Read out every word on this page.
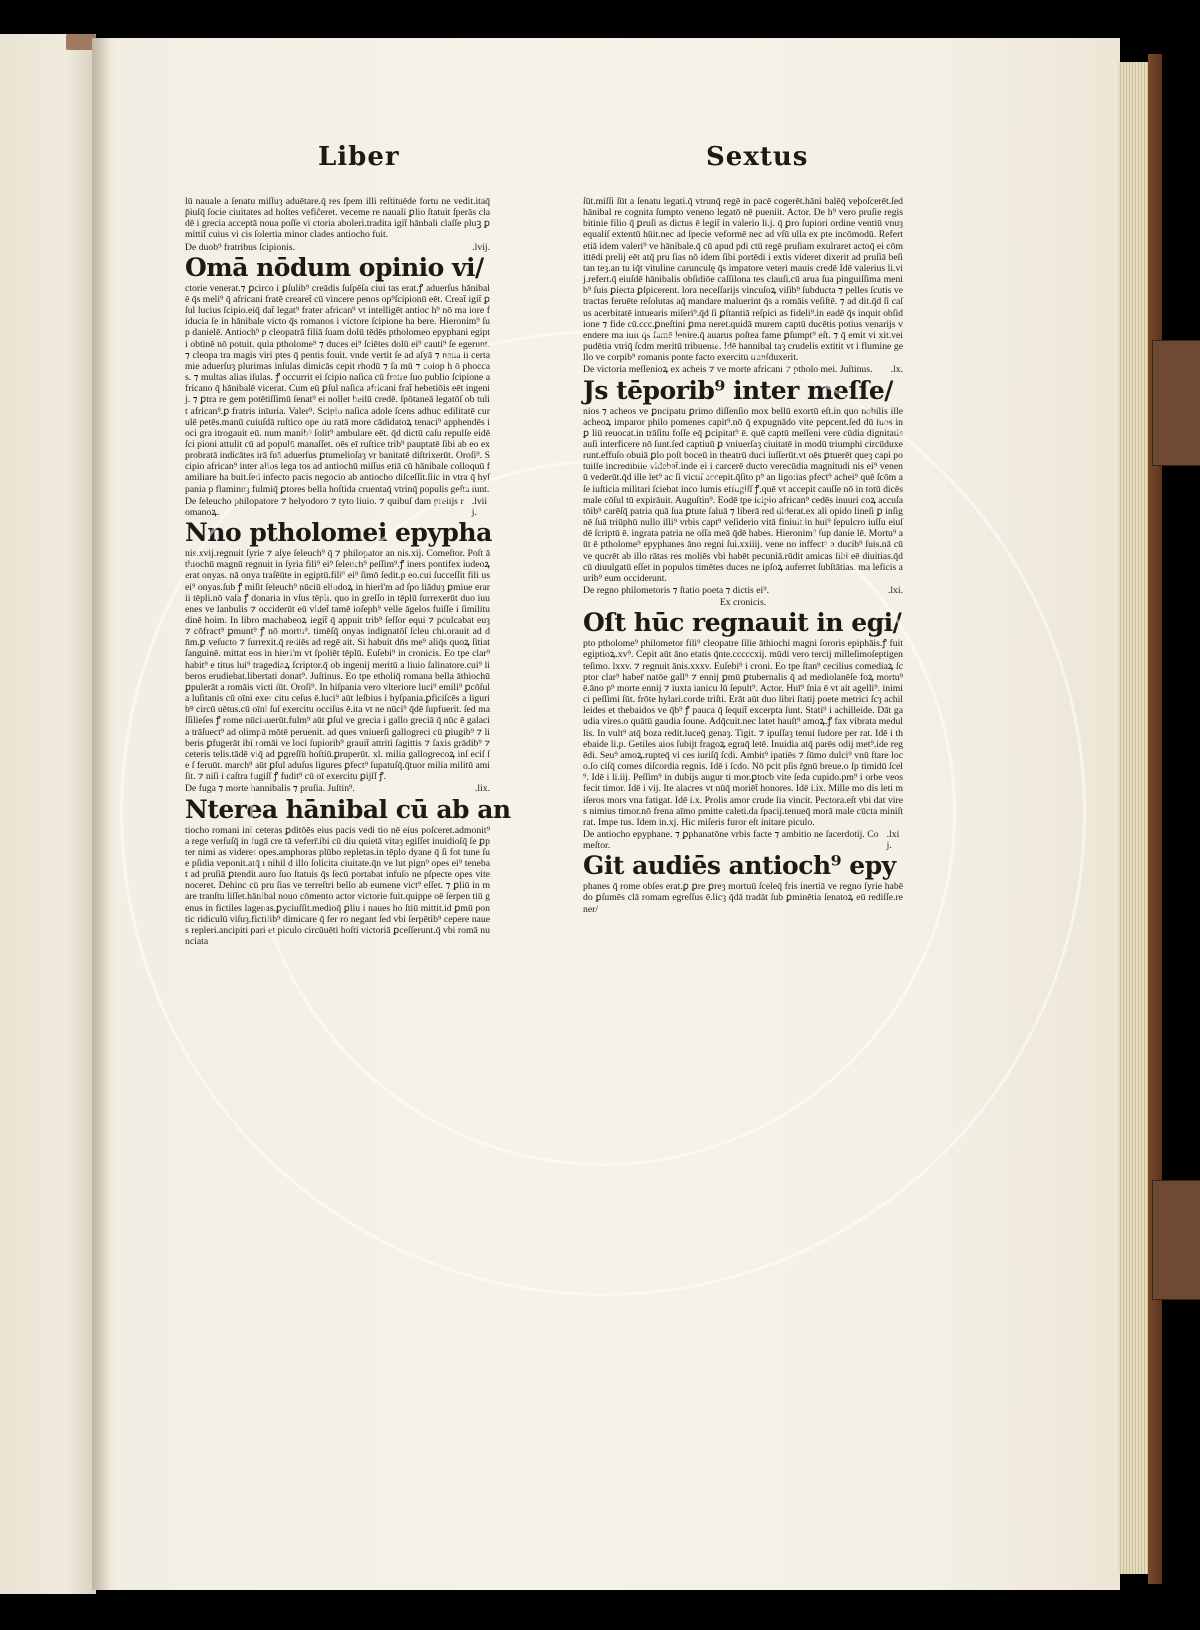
Liber	Sextus

lū nauale a ſenatu miſſuȝ aduētare.q̄ res ſpem illi reſtituēde fortu ne vedit.itaq̄ p̄iuſq̄ ſocie ciuitates ad hoſtes vefiĉeret. veceme re nauali ꝑlio ſtatuit ſperās cladē i grecia acceptā noua poſſe vi ctoria aboleri.tradita igit̄ hānbali claſſe pluꝫ ꝑmittit̄ cuius vi cis ſolertia minor clades antiocho fuit.

De duob⁹ fratribus ſcipionis.	.lvij.

Omā nōdum opinio vi/

ctorie venerat.⁊ ꝑcirco i ꝑſulib⁹ creādis ſuſpēſa ciui tas erat.ꝭ aduerſus hānibalē q̄s meli⁹ q̄ africani fratē crearet̄ cū vincere penos op⁹ſcipionū eēt. Creat̄ igit̄ ꝑſul lucius ſcipio.eiq̄ dat̄ legat⁹ frater african⁹ vt intelligēt antioc h⁹ nō ma iore fiducia ſe in hānibale victo q̄s romanos i victore ſcipione ha bere. Hieronim⁹ ſup danielē. Antioch⁹ p cleopatrā filiā ſuam dolū tēdēs ptholomeo epyphani egipti obtinē nō potuit. quia ptholome⁹ ⁊ duces ei⁹ ſciētes dolū ei⁹ cauti⁹ ſe egerunt. ⁊ cleopa tra magis viri ptes q̄ pentis fouit. vnde vertit ſe ad aſyā ⁊ naua li certamie aduerſuȝ plurimas inſulas dimicās cepit rhodū ⁊ ſa mū ⁊ colop h ō phoccas. ⁊ multas alias iſulas. ꝭ occurrit ei ſcipio naſica cū fratre ſuo publio ſcipione africano q̄ hānibalē vicerat. Cum eū ꝑſul naſica africani frat̄ hebetiōis eēt ingenij. ⁊ ꝑtra re gem potētiſſimū ſenat⁹ ei nollet bellū credē. ſpōtaneā legatōſ ob tulit african⁹.ꝑ fratris inīuria. Valer⁹. Scipio naſica adole ſcens adhuc edilitatē curulē petēs.manū cuiuſdā ruſtico ope du ratā more cādidatoꝝ tenaci⁹ apphendēs ioci gra itrogauit eū. num manib⁹ ſolit⁹ ambulare eēt. q̄d dictū caſu repulſe eidē ſci pioni attulit cū ad populū manaſſet. oēs eī ruſtice trib⁹ pauptatē ſibi ab eo exprobratā indicātes irā ſuā aduerſus ꝑtumelioſaȝ vr banitatē diſtrixerūt. Oroſi⁹. Scipio african⁹ inter alios lega tos ad antiochū miſſus etiā cū hānibale colloquū familiare ha buit.ſed infecto pacis negocio ab antiocho diſceſſit.ſiic in vtra q̄ hyſpania p flaminuȝ fulmiq̄ ꝑtores bella hoſtida cruentaq̄ vtrinq̄ populis geſta ſunt.

De ſeleucho philopatore ⁊ helyodoro ⁊ tyto liuio. ⁊ quibuſ dam prelijs romanoꝝ.
.lviij.

Nno ptholomei epypha

nis.xvij.regnuit ſyrie ⁊ aſye ſeleuch⁹ q̄ ⁊ philopator an nis.xij. Comeſtor. Poſt āthiochū magnū regnuit in ſyria fili⁹ ei⁹ ſeleuch⁹ peſſim⁹.ꝭ iners pontifex iudeoꝝ erat onyas. nā onya traſēūte in egiptū.fili⁹ ei⁹ ſimō ſedit.p eo.cui ſucceſſit fili us ei⁹ onyas.ſub ꝭ miſit ſeleuch⁹ nūciū eliodoꝝ in hierl'm ad ſpo liāduȝ ꝑmiue erarii tēpli.nō vaſa ꝭ donaria in vſus tēpli. quo in greſſo in tēplū ſurrexerūt duo iuuenes ve lanbulis ⁊ occiderūt eū videt̄ tamē ioſeph⁹ velle āgelos fuiſſe i ſimilitudinē hoim. In libro machabeoꝝ legit̄ q̄ appuit trib⁹ ſeſſor equi ⁊ pculcabat euȝ ⁊ cōfract⁹ ꝑmunt⁹ ꝭ nō mortu⁹. timēſq̄ onyas indignatōſ ſcleu chi.orauit ad dn̄m.ꝑ veſucto ⁊ ſurrexit.q̄ rediēs ad regē ait. Si habuit dn̄s me⁹ aliq̄s quoꝝ ſitiat ſanguinē. mittat eos in hierl'm vt ſpoliēt tēplū. Euſebi⁹ in cronicis. Eo tpe clar⁹ habit⁹ e titus lui⁹ tragediaꝝ ſcriptor.q̄ ob ingenij meritū a liuio ſalinatore.cui⁹ liberos erudiebat.libertati donat⁹. Juſtinus. Eo tpe etholiq̄ romana bella āthiochū ꝑpulerāt a romāis victi ſūt. Oroſi⁹. In hiſpania vero vlteriore luci⁹ emili⁹ ꝑcōſul a luſitanis cū oīni exer citu ceſus ē.luci⁹ aūt leſbius i hyſpania.ꝑficiſcēs a liguribꝰ circū uētus.cū oīni ſuſ exercitu occiſus ē.ita vt ne nūci⁹ q̄dē ſupfuerit. ſed maſſilieſes ꝭ rome nūciauerūt.fulm⁹ aūt ꝑſul ve grecia i gallo greciā q̄ nūc ē galacia trāſuect⁹ ad olimpū mōtē peruenit. ad ques vniuerſi gallogreci cū ꝑiugib⁹ ⁊ liberis ꝑfugerāt ibi romāi ve loci ſupiorib⁹ grauit̄ attriti ſagittis ⁊ ſaxis grādib⁹ ⁊ ceteris telis.tādē viq̄ ad ꝑgreſſū hoſtiū.ꝑruperūt. xl. milia gallogrecoꝝ inſ eciſ ſe ſ feruūt. march⁹ aūt ꝑſul aduſus ligures ꝑfect⁹ ſupatuſq̄.q̄tuor milia militū amiſit. ⁊ niſi i caſtra fugiſſ ꝭ fudit⁹ cū oī exercitu ꝑijſſ ꝭ.

De fuga ⁊ morte hannibalis ⁊ pruſia. Juſtin⁹.	.lix.

Nterea hānibal cū ab an

tiocho romani int̄ ceteras ꝑditōēs eius pacis vedi tio nē eius poſceret.admonit⁹ a rege verſuſq̄ in fugā cre tā veferr̄.ibi cū diu quietā vitaȝ egiſſet inuidioſq̄ ſe ꝑpter nimi as videret opes.amphoras plūbo repletas.in tēplo dyane q̄ ſi fot tune ſue pſidia veponit.atq̄ ı nihil d illo ſolicita ciuitate.q̄n ve lut pign⁹ opes ei⁹ tenebat ad pruſiā ꝑtendit.auro ſuo ſtatuis q̄s ſecū portabat infuſo ne pſpecte opes vite noceret. Dehinc cū pru ſias ve terreſtri bello ab eumene vict⁹ eſſet. ⁊ ꝑliū in mare tranſtu liſſet.hānibal nouo cōmento actor victorie fuit.quippe oē ſerpen tiū genus in fictiles lagenas.ꝑyciuſſit.medioq̄ ꝑliu i naues ho ſtiū mittit.id ꝑmū pontic ridiculū viſuȝ.fictilib⁹ dimicare q̄ fer ro negant ſed vbi ſerpētib⁹ cepere naues repleri.ancipiti pari et piculo circūuēti hoſti victoriā ꝑceſſerunt.q̄ vbi romā nunciata

ſūt.miſſi ſūt a ſenatu legati.q̄ vtrunq̄ regē in pacē cogerēt.hāni balēq̄ veþoſcerēt.ſed hānibal re cognita ſumpto veneno legatō nē pueniit. Actor. De h⁹ vero pruſie regis bitinie filio q̄ ꝑruſi as dictus ē legit̄ in valerio li.j. q̄ ꝑro ſupiori ordine ventiū vnuȝ equaliſ extentū hūit.nec ad ſpecie veformē nec ad vſū ulla ex pte incōmodū. Refert etiā idem valeri⁹ ve hānibale.q̄ cū apud pdi ctū regē pruſiam exulraret actoq̄ ei cōmittēdi prelij eēt atq̄ pru ſias nō idem ſibi portēdi i extis videret dixerit ad pruſiā beſitan teȝ.an tu iq̄t vituline carunculę q̄s impatore veteri mauis credē Idē valerius li.vij.refert.q̄ eiuſdē hānibalis obſidiōe caſſilona tes clauſi.cū arua ſua pinguiſſima menib⁹ ſuis ꝑiecta ꝑſpicerent. lora neceſſarijs vincuſoꝝ viſib⁹ ſubducta ⁊ pelles ſcutis vetractas feruēte reſolutas aq̄ mandare maluerint q̄s a romāis veſiſtē. ⁊ ad dit.q̄d ſi caſus acerbitatē intuearis miſeri⁹.q̄d ſi ꝑſtantiā reſpici as fideli⁹.in eadē q̄s inquit obſidione ⁊ fide cū.ccc.ꝑneſtini ꝑma neret.quidā murem captū ducētis potius venarijs vendere ma luit q̄s famē lenire.q̄ auarus poſtea fame ꝑſumpt⁹ eſt. ⁊ q̄ emit vi xit.vei pudētia vtriq̄ ſcdm meritū tribuente. Idē hannibal taȝ crudelis extitit vt i flumine gello ve corpib⁹ romanis ponte facto exercitū tranſduxerit.

De victoria meſſenioꝝ ex acheis ⁊ ve morte africani ⁊ ptholo mei. Juſtinus.	.lx.

Js tēporib⁹ inter meſſe/

nios ⁊ acheos ve ꝑncipatu ꝑrimo diſſenſio mox bellū exortū eſt.in quo nobilis ille acheoꝝ imparor philo pomenes capit⁹.nō q̄ expugnādo vite pepcent.ſed dū ſuos in ꝑ liū reuocat.in trāſitu foſſe eq̄ ꝑcipitat⁹ ē. quē captū meſſeni vere cūdia dignitatis auſi interficere nō ſunt.ſed captiuū ꝑ vniuerſaȝ ciuitatē in modū triumphi circūduxerunt.effuſo obuiā ꝑlo poſt boceū in theatrū duci iuſſerūt.vt oēs ꝑtuerēt queȝ capi potuiſſe incredibile videbat̄.inde ei i carcerē ducto verecūdia magnitudi nis ei⁹ venenū vederūt.q̄d ille let⁹ ac ſi victiſ accepit.q̄ſito p⁹ an ligo:ias pfect⁹ achei⁹ quē ſcōm a ſe iuſticia militari ſciebat inco lumis effugiſſ ꝭ.quē vt accepit cauſſe nō in totū dicēs male cōſul tū expirāuit. Auguſtin⁹. Eodē tpe ſcipio african⁹ cedēs inuuri coꝝ accuſatōib⁹ carēſq̄ patria quā ſua ꝑtute ſaluā ⁊ liberā red diderat.ex ali opido lineſi ꝑ inſignē ſuā triūphū nullo illi⁹ vrbis capt⁹ veſiderio vitā finiuit.in hui⁹ ſepulcro iuſſu eiuſdē ſcriptū ē. ingrata patria ne oſſa meā q̄dē habes. Hieronim⁹ ſup danie lē. Mortu⁹ aūt ē ptholome⁹ epyphanes āno regni ſui.xxiiij. vene no inffect⁹ a ducib⁹ ſuis.nā cū ve qucrēt ab illo rātas res moliēs vbi habēt pecuniā.rūdit amicas ſibi eē diuitias.q̄d cū diuulgatū eſſet in populos timētes duces ne ipſoꝝ auferret ſubſtātias. ma leficis aurib⁹ eum occiderunt.

De regno philometoris ⁊ ſtatio poeta ⁊ dictis ei⁹.	.lxi.

Ex cronicis.

Oſt hūc regnauit in egi/

pto ptholome⁹ philometor fili⁹ cleopatre ſilie āthiochi magni ſororis epiphāis.ꝭ fuit egiptioꝝ.xv⁹. Cepit aūt āno etatis q̄nte.cccccxij. mūdi vero tercij milleſimoſeptigenteſimo. lxxv. ⁊ regnuit ānis.xxxv. Euſebi⁹ i croni. Eo tpe ſtan⁹ cecilius comediaꝝ ſcptor clar⁹ haber̄ natōe gall⁹ ⁊ ennij ꝑmū ꝑtubernalis q̄ ad mediolanēſe foꝝ mortu⁹ ē.āno p⁹ morte ennij ⁊ iuxta ianicu lū ſepult⁹. Actor. Huī⁹ ſnia ē vt ait agelli⁹. inimici peſſimi ſūt. frōte hylari.corde triſti. Erāt aūt duo libri ſtatij poete metrici ſcȝ achilleides et thebaidos ve q̄b⁹ ꝭ pauca q̄ ſequit̄ excerpta ſunt. Stati⁹ i achilleide. Dāt gaudia vires.o quātū gaudia ſoune. Adq̄cuit.nec latet hauſt⁹ amoꝝ.ꝭ fax vibrata medullis. In vult⁹ atq̄ boza redit.luceq̄ genaȝ. Tigit. ⁊ ipuſſaȝ tenui ſudore per rat. Idē i thebaide li.p. Getiles aios ſubijt fragoꝝ egraq̄ letē. Inuidia atq̄ parēs odij met⁹.ide regēdi. Seu⁹ amoꝝ.rupteq̄ vi ces iuriſq̄ ſcdi. Ambit⁹ ipatiēs ⁊ ſūmo dulci⁹ vnū ſtare loco.ſo ciſq̄ comes diſcordia regnis. Idē i ſcdo. Nō pcit pſis r̄gnū breue.o ſp timidū ſcel⁹. Idē i li.iij. Peſſim⁹ in dubijs augur ti mor.ꝑtocb vite ſeda cupido.pm⁹ i orbe veos fecit timor. Idē i vij. Ite alacres vt nūq̄ moriēt̄ honores. Idē i.ix. Mille mo dis leti miſeros mors vna fatigat. Idē i.x. Prolis amor crude lia vincit. Pectora.eſt vbi dat vires nimius timor.nō frena aīmo pmitte caleti.da ſpacij.tenueq̄ morā male cūcta miniſtrat. Impe tus. Idem in.xj. Hic miſeris furor eſt initare piculo.

De antiocho epyphane. ⁊ ꝑphanatōne vrbis facte ⁊ ambitio ne ſacerdotij. Comeſtor.
.lxij.

Git audiēs antioch⁹ epy

phanes q̄ rome obſes erat.ꝑ ꝑre ꝑreȝ mortuū ſceleq̄ fris inertiā ve regno ſyrie habēdo ꝑſumēs clā romam egreſſus ē.licȝ q̄dā tradāt ſub ꝑminētia ſenatoꝝ eū rediſſe.re ner/
